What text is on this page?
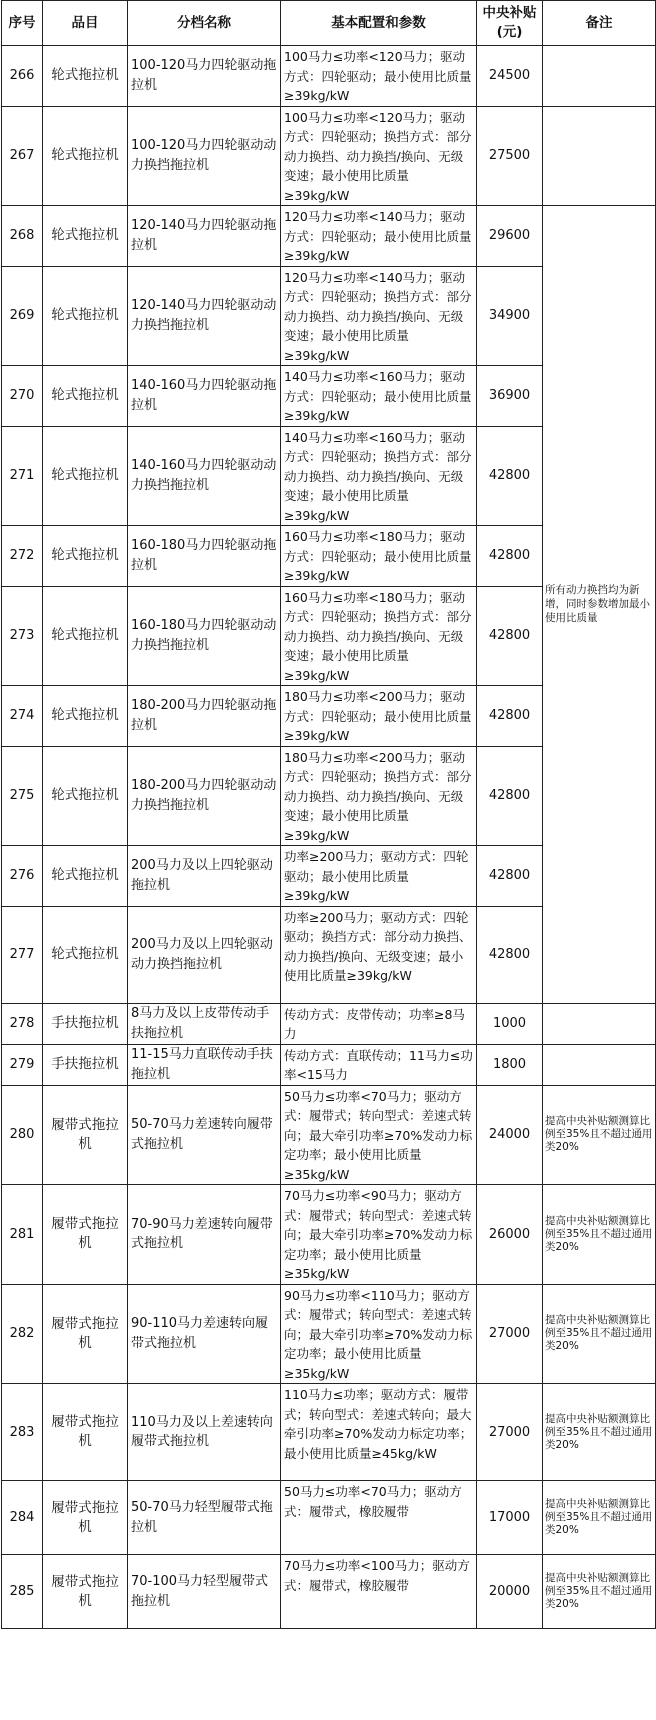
序号	品目	分档名称	基本配置和参数	中央补贴(元)	备注
266	轮式拖拉机	100-120马力四轮驱动拖拉机	100马力≤功率<120马力；驱动方式：四轮驱动；最小使用比质量≥39kg/kW	24500	
267	轮式拖拉机	100-120马力四轮驱动动力换挡拖拉机	100马力≤功率<120马力；驱动方式：四轮驱动；换挡方式：部分动力换挡、动力换挡/换向、无级变速；最小使用比质量≥39kg/kW	27500	
268	轮式拖拉机	120-140马力四轮驱动拖拉机	120马力≤功率<140马力；驱动方式：四轮驱动；最小使用比质量≥39kg/kW	29600	所有动力换挡均为新增，同时参数增加最小使用比质量
269	轮式拖拉机	120-140马力四轮驱动动力换挡拖拉机	120马力≤功率<140马力；驱动方式：四轮驱动；换挡方式：部分动力换挡、动力换挡/换向、无级变速；最小使用比质量≥39kg/kW	34900	
270	轮式拖拉机	140-160马力四轮驱动拖拉机	140马力≤功率<160马力；驱动方式：四轮驱动；最小使用比质量≥39kg/kW	36900	
271	轮式拖拉机	140-160马力四轮驱动动力换挡拖拉机	140马力≤功率<160马力；驱动方式：四轮驱动；换挡方式：部分动力换挡、动力换挡/换向、无级变速；最小使用比质量≥39kg/kW	42800	
272	轮式拖拉机	160-180马力四轮驱动拖拉机	160马力≤功率<180马力；驱动方式：四轮驱动；最小使用比质量≥39kg/kW	42800	
273	轮式拖拉机	160-180马力四轮驱动动力换挡拖拉机	160马力≤功率<180马力；驱动方式：四轮驱动；换挡方式：部分动力换挡、动力换挡/换向、无级变速；最小使用比质量≥39kg/kW	42800	
274	轮式拖拉机	180-200马力四轮驱动拖拉机	180马力≤功率<200马力；驱动方式：四轮驱动；最小使用比质量≥39kg/kW	42800	
275	轮式拖拉机	180-200马力四轮驱动动力换挡拖拉机	180马力≤功率<200马力；驱动方式：四轮驱动；换挡方式：部分动力换挡、动力换挡/换向、无级变速；最小使用比质量≥39kg/kW	42800	
276	轮式拖拉机	200马力及以上四轮驱动拖拉机	功率≥200马力；驱动方式：四轮驱动；最小使用比质量≥39kg/kW	42800	
277	轮式拖拉机	200马力及以上四轮驱动动力换挡拖拉机	功率≥200马力；驱动方式：四轮驱动；换挡方式：部分动力换挡、动力换挡/换向、无级变速；最小使用比质量≥39kg/kW	42800	
278	手扶拖拉机	8马力及以上皮带传动手扶拖拉机	传动方式：皮带传动；功率≥8马力	1000	
279	手扶拖拉机	11-15马力直联传动手扶拖拉机	传动方式：直联传动；11马力≤功率<15马力	1800	
280	履带式拖拉机	50-70马力差速转向履带式拖拉机	50马力≤功率<70马力；驱动方式：履带式；转向型式：差速式转向；最大牵引功率≥70%发动力标定功率；最小使用比质量≥35kg/kW	24000	提高中央补贴额测算比例至35%且不超过通用类20%
281	履带式拖拉机	70-90马力差速转向履带式拖拉机	70马力≤功率<90马力；驱动方式：履带式；转向型式：差速式转向；最大牵引功率≥70%发动力标定功率；最小使用比质量≥35kg/kW	26000	提高中央补贴额测算比例至35%且不超过通用类20%
282	履带式拖拉机	90-110马力差速转向履带式拖拉机	90马力≤功率<110马力；驱动方式：履带式；转向型式：差速式转向；最大牵引功率≥70%发动力标定功率；最小使用比质量≥35kg/kW	27000	提高中央补贴额测算比例至35%且不超过通用类20%
283	履带式拖拉机	110马力及以上差速转向履带式拖拉机	110马力≤功率；驱动方式：履带式；转向型式：差速式转向；最大牵引功率≥70%发动力标定功率；最小使用比质量≥45kg/kW	27000	提高中央补贴额测算比例至35%且不超过通用类20%
284	履带式拖拉机	50-70马力轻型履带式拖拉机	50马力≤功率<70马力；驱动方式：履带式，橡胶履带	17000	提高中央补贴额测算比例至35%且不超过通用类20%
285	履带式拖拉机	70-100马力轻型履带式拖拉机	70马力≤功率<100马力；驱动方式：履带式，橡胶履带	20000	提高中央补贴额测算比例至35%且不超过通用类20%
